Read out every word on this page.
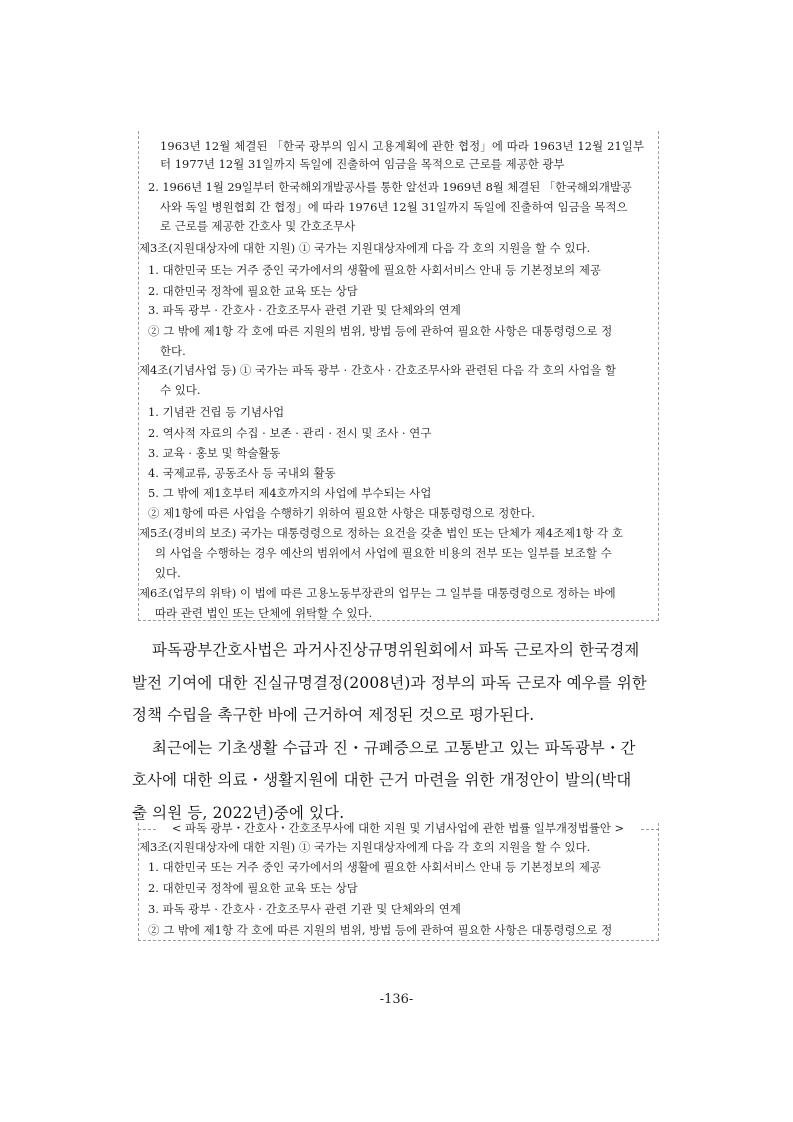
1963년 12월 체결된 「한국 광부의 임시 고용계획에 관한 협정」에 따라 1963년 12월 21일부
터 1977년 12월 31일까지 독일에 진출하여 임금을 목적으로 근로를 제공한 광부
2. 1966년 1월 29일부터 한국해외개발공사를 통한 알선과 1969년 8월 체결된 「한국해외개발공
사와 독일 병원협회 간 협정」에 따라 1976년 12월 31일까지 독일에 진출하여 임금을 목적으
로 근로를 제공한 간호사 및 간호조무사
제3조(지원대상자에 대한 지원) ① 국가는 지원대상자에게 다음 각 호의 지원을 할 수 있다.
1. 대한민국 또는 거주 중인 국가에서의 생활에 필요한 사회서비스 안내 등 기본정보의 제공
2. 대한민국 정착에 필요한 교육 또는 상담
3. 파독 광부 · 간호사 · 간호조무사 관련 기관 및 단체와의 연계
② 그 밖에 제1항 각 호에 따른 지원의 범위, 방법 등에 관하여 필요한 사항은 대통령령으로 정
한다.
제4조(기념사업 등) ① 국가는 파독 광부 · 간호사 · 간호조무사와 관련된 다음 각 호의 사업을 할
수 있다.
1. 기념관 건립 등 기념사업
2. 역사적 자료의 수집 · 보존 · 관리 · 전시 및 조사 · 연구
3. 교육 · 홍보 및 학술활동
4. 국제교류, 공동조사 등 국내외 활동
5. 그 밖에 제1호부터 제4호까지의 사업에 부수되는 사업
② 제1항에 따른 사업을 수행하기 위하여 필요한 사항은 대통령령으로 정한다.
제5조(경비의 보조) 국가는 대통령령으로 정하는 요건을 갖춘 법인 또는 단체가 제4조제1항 각 호
의 사업을 수행하는 경우 예산의 범위에서 사업에 필요한 비용의 전부 또는 일부를 보조할 수
있다.
제6조(업무의 위탁) 이 법에 따른 고용노동부장관의 업무는 그 일부를 대통령령으로 정하는 바에
따라 관련 법인 또는 단체에 위탁할 수 있다.
파독광부간호사법은 과거사진상규명위원회에서 파독 근로자의 한국경제
발전 기여에 대한 진실규명결정(2008년)과 정부의 파독 근로자 예우를 위한
정책 수립을 촉구한 바에 근거하여 제정된 것으로 평가된다.
최근에는 기초생활 수급과 진・규폐증으로 고통받고 있는 파독광부・간
호사에 대한 의료・생활지원에 대한 근거 마련을 위한 개정안이 발의(박대
출 의원 등, 2022년)중에 있다.
< 파독 광부・간호사・간호조무사에 대한 지원 및 기념사업에 관한 법률 일부개정법률안 >
제3조(지원대상자에 대한 지원) ① 국가는 지원대상자에게 다음 각 호의 지원을 할 수 있다.
1. 대한민국 또는 거주 중인 국가에서의 생활에 필요한 사회서비스 안내 등 기본정보의 제공
2. 대한민국 정착에 필요한 교육 또는 상담
3. 파독 광부 · 간호사 · 간호조무사 관련 기관 및 단체와의 연계
② 그 밖에 제1항 각 호에 따른 지원의 범위, 방법 등에 관하여 필요한 사항은 대통령령으로 정
-136-
